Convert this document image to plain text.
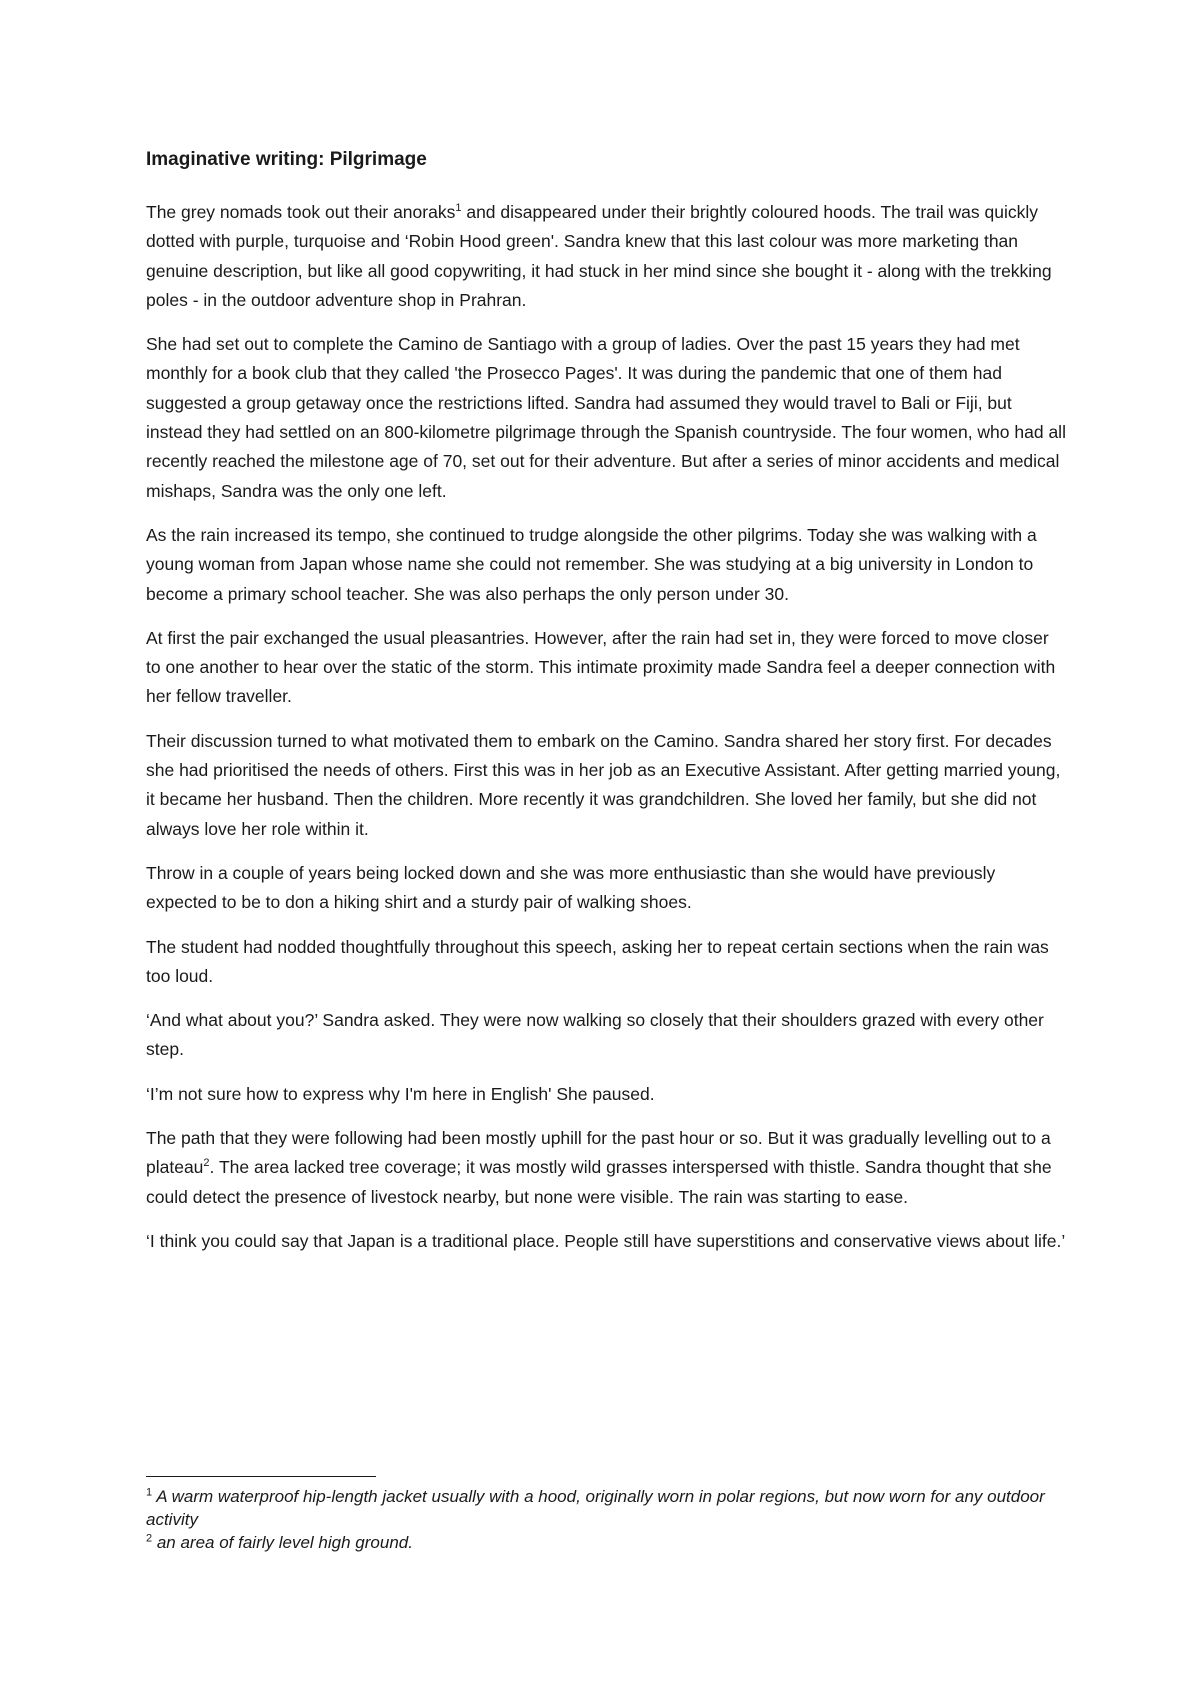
Imaginative writing: Pilgrimage

The grey nomads took out their anoraks$^1$ and disappeared under their brightly coloured hoods. The trail was quickly dotted with purple, turquoise and ‘Robin Hood green'. Sandra knew that this last colour was more marketing than genuine description, but like all good copywriting, it had stuck in her mind since she bought it - along with the trekking poles - in the outdoor adventure shop in Prahran.

She had set out to complete the Camino de Santiago with a group of ladies. Over the past 15 years they had met monthly for a book club that they called 'the Prosecco Pages'. It was during the pandemic that one of them had suggested a group getaway once the restrictions lifted. Sandra had assumed they would travel to Bali or Fiji, but instead they had settled on an 800-kilometre pilgrimage through the Spanish countryside. The four women, who had all recently reached the milestone age of 70, set out for their adventure. But after a series of minor accidents and medical mishaps, Sandra was the only one left.

As the rain increased its tempo, she continued to trudge alongside the other pilgrims. Today she was walking with a young woman from Japan whose name she could not remember. She was studying at a big university in London to become a primary school teacher. She was also perhaps the only person under 30.

At first the pair exchanged the usual pleasantries. However, after the rain had set in, they were forced to move closer to one another to hear over the static of the storm. This intimate proximity made Sandra feel a deeper connection with her fellow traveller.

Their discussion turned to what motivated them to embark on the Camino. Sandra shared her story first. For decades she had prioritised the needs of others. First this was in her job as an Executive Assistant. After getting married young, it became her husband. Then the children. More recently it was grandchildren. She loved her family, but she did not always love her role within it.

Throw in a couple of years being locked down and she was more enthusiastic than she would have previously expected to be to don a hiking shirt and a sturdy pair of walking shoes.

The student had nodded thoughtfully throughout this speech, asking her to repeat certain sections when the rain was too loud.

‘And what about you?’ Sandra asked. They were now walking so closely that their shoulders grazed with every other step.

‘I’m not sure how to express why I'm here in English' She paused.

The path that they were following had been mostly uphill for the past hour or so. But it was gradually levelling out to a plateau$^2$. The area lacked tree coverage; it was mostly wild grasses interspersed with thistle. Sandra thought that she could detect the presence of livestock nearby, but none were visible. The rain was starting to ease.

‘I think you could say that Japan is a traditional place. People still have superstitions and conservative views about life.’

$^1$ A warm waterproof hip-length jacket usually with a hood, originally worn in polar regions, but now worn for any outdoor activity

$^2$ an area of fairly level high ground.
